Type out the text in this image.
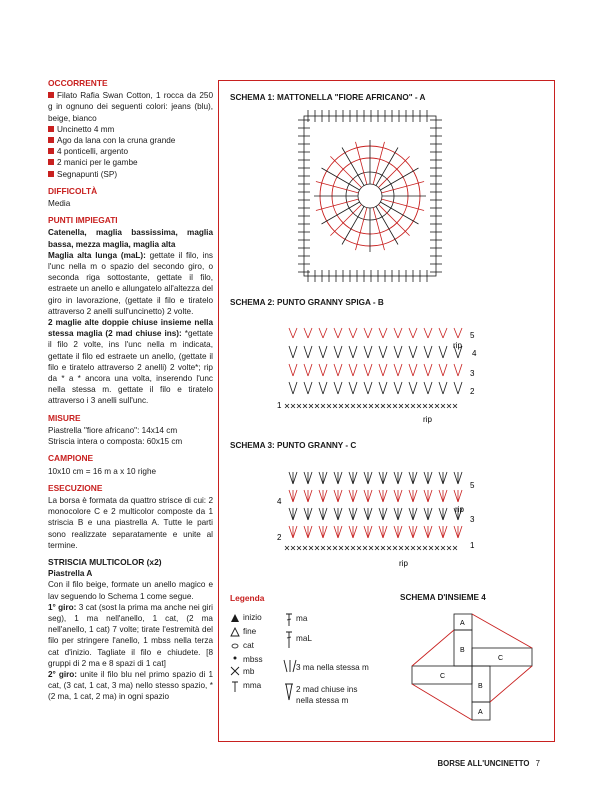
OCCORRENTE
Filato Rafia Swan Cotton, 1 rocca da 250 g in ognuno dei seguenti colori: jeans (blu), beige, bianco
Uncinetto 4 mm
Ago da lana con la cruna grande
4 ponticelli, argento
2 manici per le gambe
Segnapunti (SP)
DIFFICOLTÀ
Media
PUNTI IMPIEGATI
Catenella, maglia bassissima, maglia bassa, mezza maglia, maglia alta
Maglia alta lunga (maL): gettate il filo, ins l'unc nella m o spazio del secondo giro, o seconda riga sottostante, gettate il filo, estraete un anello e allungatelo all'altezza del giro in lavorazione, (gettate il filo e tiratelo attraverso 2 anelli sull'uncinetto) 2 volte.
2 maglie alte doppie chiuse insieme nella stessa maglia (2 mad chiuse ins): *gettate il filo 2 volte, ins l'unc nella m indicata, gettate il filo ed estraete un anello, (gettate il filo e tiratelo attraverso 2 anelli) 2 volte*; rip da * a * ancora una volta, inserendo l'unc nella stessa m. gettate il filo e tiratelo attraverso i 3 anelli sull'unc.
MISURE
Piastrella "fiore africano": 14x14 cm
Striscia intera o composta: 60x15 cm
CAMPIONE
10x10 cm = 16 m a x 10 righe
ESECUZIONE
La borsa è formata da quattro strisce di cui: 2 monocolore C e 2 multicolor composte da 1 striscia B e una piastrella A. Tutte le parti sono realizzate separatamente e unite al termine.
STRISCIA MULTICOLOR (x2)
Piastrella A
Con il filo beige, formate un anello magico e lav seguendo lo Schema 1 come segue.
1° giro: 3 cat (sost la prima ma anche nei giri seg), 1 ma nell'anello, 1 cat, (2 ma nell'anello, 1 cat) 7 volte; tirate l'estremità del filo per stringere l'anello, 1 mbss nella terza cat d'inizio. Tagliate il filo e chiudete. [8 gruppi di 2 ma e 8 spazi di 1 cat]
2° giro: unite il filo blu nel primo spazio di 1 cat, (3 cat, 1 cat, 3 ma) nello stesso spazio, *(2 ma, 1 cat, 2 ma) in ogni spazio
SCHEMA 1: MATTONELLA "FIORE AFRICANO" - A
SCHEMA 2: PUNTO GRANNY SPIGA - B
SCHEMA 3: PUNTO GRANNY - C
SCHEMA D'INSIEME 4
1
5
4
3
2
rip
rip
5
4
3
2
1
rip
rip
Legenda
inizio
fine
cat
mbss
mb
mma
ma
maL
3 ma nella stessa m
2 mad chiuse ins nella stessa m
A
B
C
C
B
A
BORSE ALL'UNCINETTO 7
